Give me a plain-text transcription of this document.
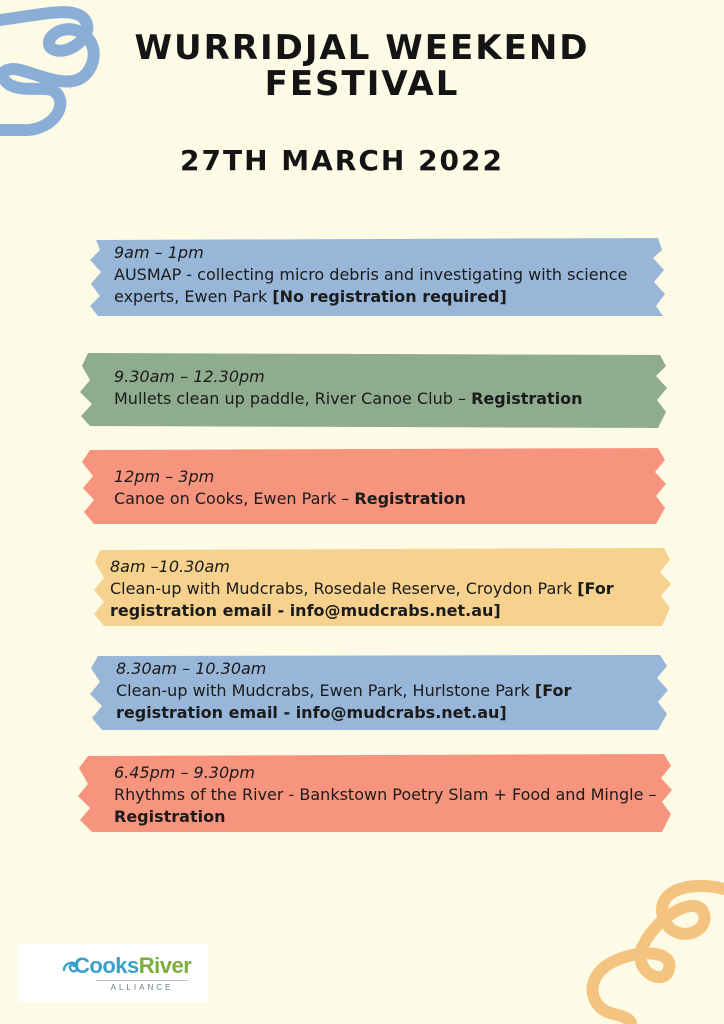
WURRIDJAL WEEKEND
FESTIVAL
27TH MARCH 2022
9am – 1pm
AUSMAP - collecting micro debris and investigating with science experts, Ewen Park [No registration required]
9.30am – 12.30pm
Mullets clean up paddle, River Canoe Club – Registration
12pm – 3pm
Canoe on Cooks, Ewen Park – Registration
8am –10.30am
Clean-up with Mudcrabs, Rosedale Reserve, Croydon Park [For registration email - info@mudcrabs.net.au]
8.30am – 10.30am
Clean-up with Mudcrabs, Ewen Park, Hurlstone Park [For registration email - info@mudcrabs.net.au]
6.45pm – 9.30pm
Rhythms of the River - Bankstown Poetry Slam + Food and Mingle – Registration
CooksRiver
ALLIANCE
